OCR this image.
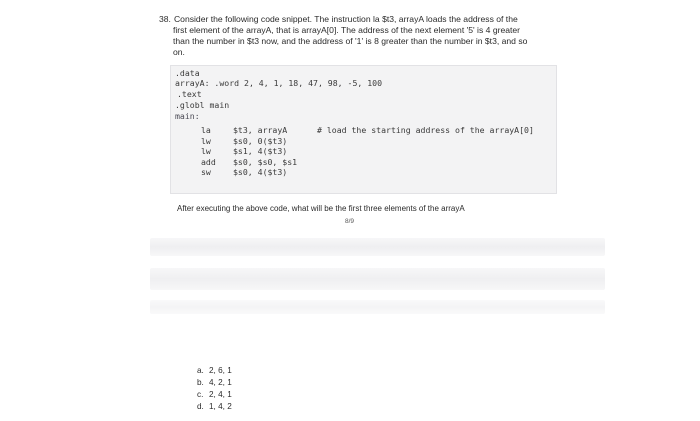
38. Consider the following code snippet. The instruction la $t3, arrayA loads the address of the
first element of the arrayA, that is arrayA[0]. The address of the next element '5' is 4 greater
than the number in $t3 now, and the address of '1' is 8 greater than the number in $t3, and so
on.
.data
arrayA: .word 2, 4, 1, 18, 47, 98, -5, 100
.text
.globl main
main:
la
lw
lw
add
sw
$t3, arrayA
$s0, 0($t3)
$s1, 4($t3)
$s0, $s0, $s1
$s0, 4($t3)
# load the starting address of the arrayA[0]
After executing the above code, what will be the first three elements of the arrayA
8/9
a. 2, 6, 1
b. 4, 2, 1
c. 2, 4, 1
d. 1, 4, 2
